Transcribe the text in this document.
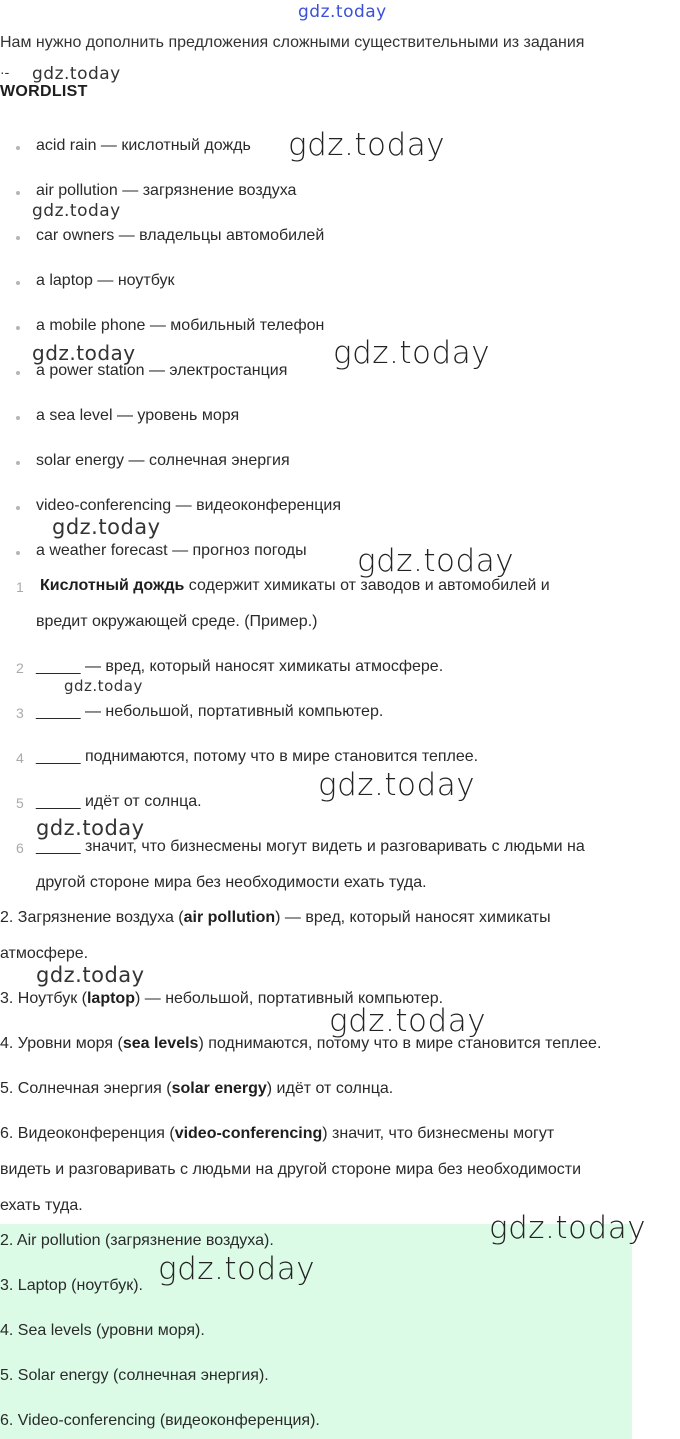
Нам нужно дополнить предложения сложными существительными из задания
·-
WORDLIST
acid rain — кислотный дождь
air pollution — загрязнение воздуха
car owners — владельцы автомобилей
a laptop — ноутбук
a mobile phone — мобильный телефон
a power station — электростанция
a sea level — уровень моря
solar energy — солнечная энергия
video-conferencing — видеоконференция
a weather forecast — прогноз погоды
1 Кислотный дождь содержит химикаты от заводов и автомобилей и
вредит окружающей среде. (Пример.)
2 _____ — вред, который наносят химикаты атмосфере.
3 _____ — небольшой, портативный компьютер.
4 _____ поднимаются, потому что в мире становится теплее.
5 _____ идёт от солнца.
6 _____ значит, что бизнесмены могут видеть и разговаривать с людьми на
другой стороне мира без необходимости ехать туда.
2. Загрязнение воздуха (air pollution) — вред, который наносят химикаты
атмосфере.
3. Ноутбук (laptop) — небольшой, портативный компьютер.
4. Уровни моря (sea levels) поднимаются, потому что в мире становится теплее.
5. Солнечная энергия (solar energy) идёт от солнца.
6. Видеоконференция (video-conferencing) значит, что бизнесмены могут
видеть и разговаривать с людьми на другой стороне мира без необходимости
ехать туда.
2. Air pollution (загрязнение воздуха).
3. Laptop (ноутбук).
4. Sea levels (уровни моря).
5. Solar energy (солнечная энергия).
6. Video-conferencing (видеоконференция).
gdz.today
gdz.today
gdz.today
gdz.today
gdz.today	gdz.today
gdz.today
gdz.today
gdz.today
gdz.today
gdz.today
gdz.today
gdz.today
gdz.today
gdz.today
